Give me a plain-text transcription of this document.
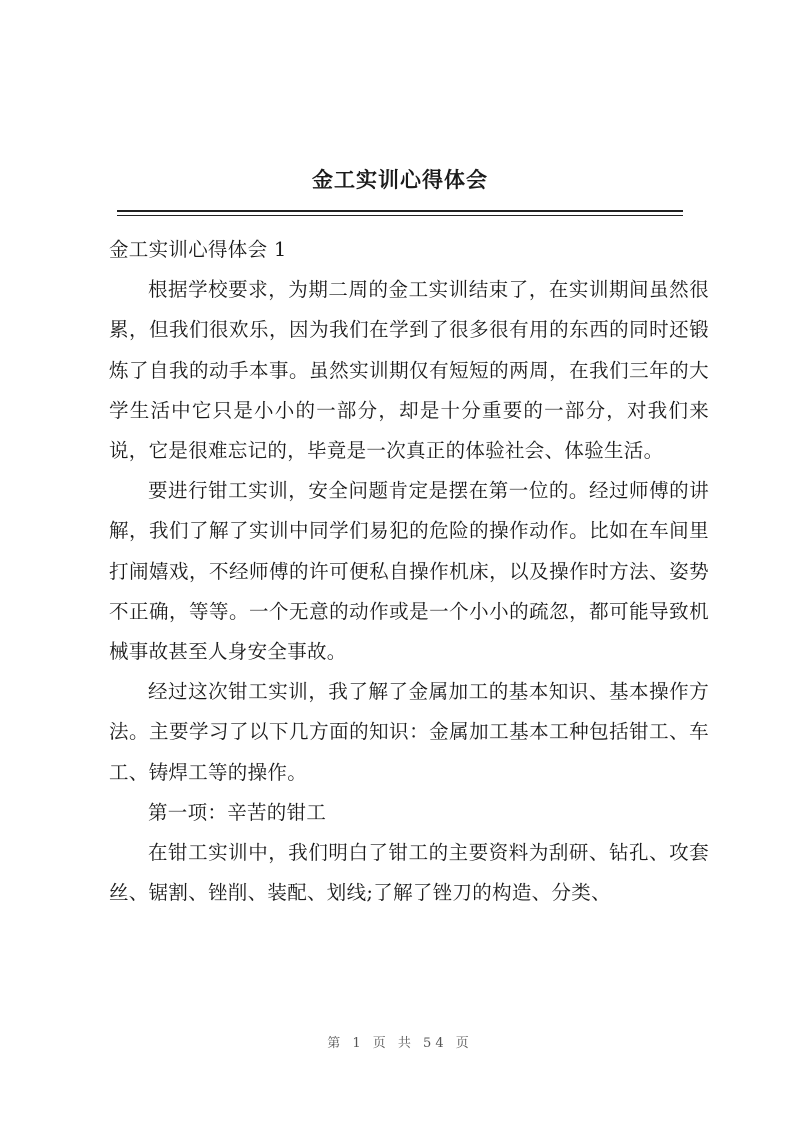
金工实训心得体会

金工实训心得体会 1

根据学校要求，为期二周的金工实训结束了，在实训期间虽然很累，但我们很欢乐，因为我们在学到了很多很有用的东西的同时还锻炼了自我的动手本事。虽然实训期仅有短短的两周，在我们三年的大学生活中它只是小小的一部分，却是十分重要的一部分，对我们来说，它是很难忘记的，毕竟是一次真正的体验社会、体验生活。

要进行钳工实训，安全问题肯定是摆在第一位的。经过师傅的讲解，我们了解了实训中同学们易犯的危险的操作动作。比如在车间里打闹嬉戏，不经师傅的许可便私自操作机床，以及操作时方法、姿势不正确，等等。一个无意的动作或是一个小小的疏忽，都可能导致机械事故甚至人身安全事故。

经过这次钳工实训，我了解了金属加工的基本知识、基本操作方法。主要学习了以下几方面的知识：金属加工基本工种包括钳工、车工、铸焊工等的操作。

第一项：辛苦的钳工

在钳工实训中，我们明白了钳工的主要资料为刮研、钻孔、攻套丝、锯割、锉削、装配、划线;了解了锉刀的构造、分类、

第 1 页 共 54 页
